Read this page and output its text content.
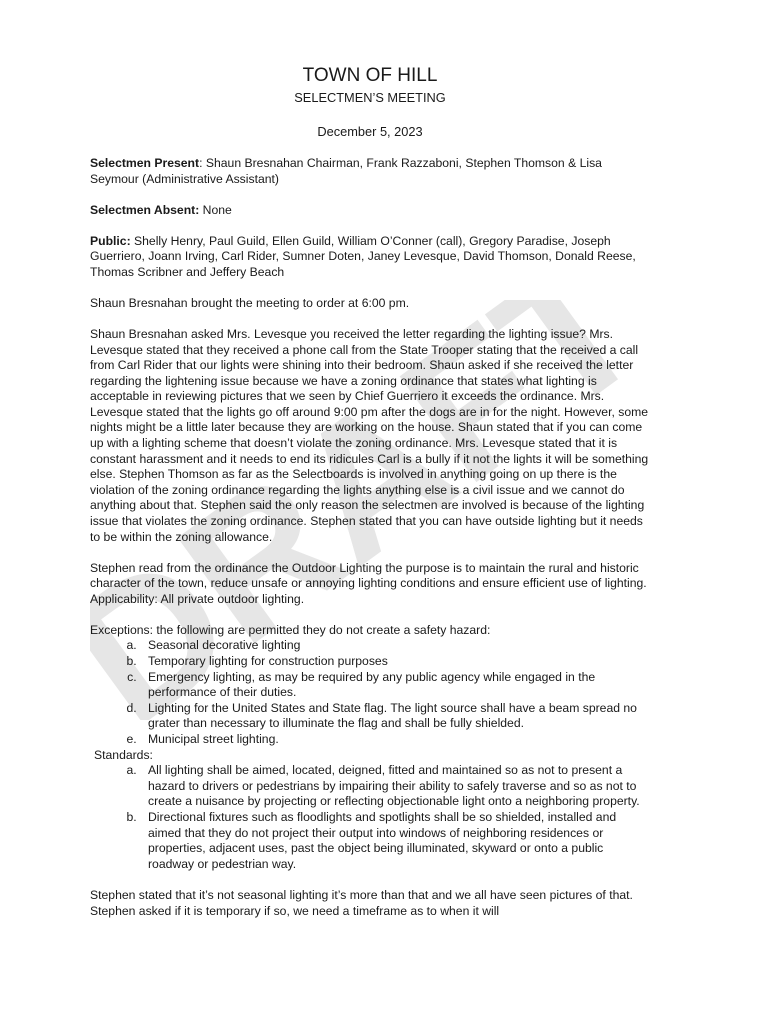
DRAFT
TOWN OF HILL
SELECTMEN’S MEETING
December 5, 2023

Selectmen Present: Shaun Bresnahan Chairman, Frank Razzaboni, Stephen Thomson & Lisa Seymour (Administrative Assistant)

Selectmen Absent: None

Public: Shelly Henry, Paul Guild, Ellen Guild, William O’Conner (call), Gregory Paradise, Joseph Guerriero, Joann Irving, Carl Rider, Sumner Doten, Janey Levesque, David Thomson, Donald Reese, Thomas Scribner and Jeffery Beach

Shaun Bresnahan brought the meeting to order at 6:00 pm.

Shaun Bresnahan asked Mrs. Levesque you received the letter regarding the lighting issue? Mrs. Levesque stated that they received a phone call from the State Trooper stating that the received a call from Carl Rider that our lights were shining into their bedroom. Shaun asked if she received the letter regarding the lightening issue because we have a zoning ordinance that states what lighting is acceptable in reviewing pictures that we seen by Chief Guerriero it exceeds the ordinance. Mrs. Levesque stated that the lights go off around 9:00 pm after the dogs are in for the night. However, some nights might be a little later because they are working on the house. Shaun stated that if you can come up with a lighting scheme that doesn’t violate the zoning ordinance. Mrs. Levesque stated that it is constant harassment and it needs to end its ridicules Carl is a bully if it not the lights it will be something else. Stephen Thomson as far as the Selectboards is involved in anything going on up there is the violation of the zoning ordinance regarding the lights anything else is a civil issue and we cannot do anything about that. Stephen said the only reason the selectmen are involved is because of the lighting issue that violates the zoning ordinance. Stephen stated that you can have outside lighting but it needs to be within the zoning allowance.

Stephen read from the ordinance the Outdoor Lighting the purpose is to maintain the rural and historic character of the town, reduce unsafe or annoying lighting conditions and ensure efficient use of lighting. Applicability: All private outdoor lighting.

Exceptions: the following are permitted they do not create a safety hazard:
a. Seasonal decorative lighting
b. Temporary lighting for construction purposes
c. Emergency lighting, as may be required by any public agency while engaged in the performance of their duties.
d. Lighting for the United States and State flag. The light source shall have a beam spread no grater than necessary to illuminate the flag and shall be fully shielded.
e. Municipal street lighting.
Standards:
a. All lighting shall be aimed, located, deigned, fitted and maintained so as not to present a hazard to drivers or pedestrians by impairing their ability to safely traverse and so as not to create a nuisance by projecting or reflecting objectionable light onto a neighboring property.
b. Directional fixtures such as floodlights and spotlights shall be so shielded, installed and aimed that they do not project their output into windows of neighboring residences or properties, adjacent uses, past the object being illuminated, skyward or onto a public roadway or pedestrian way.

Stephen stated that it’s not seasonal lighting it’s more than that and we all have seen pictures of that. Stephen asked if it is temporary if so, we need a timeframe as to when it will
